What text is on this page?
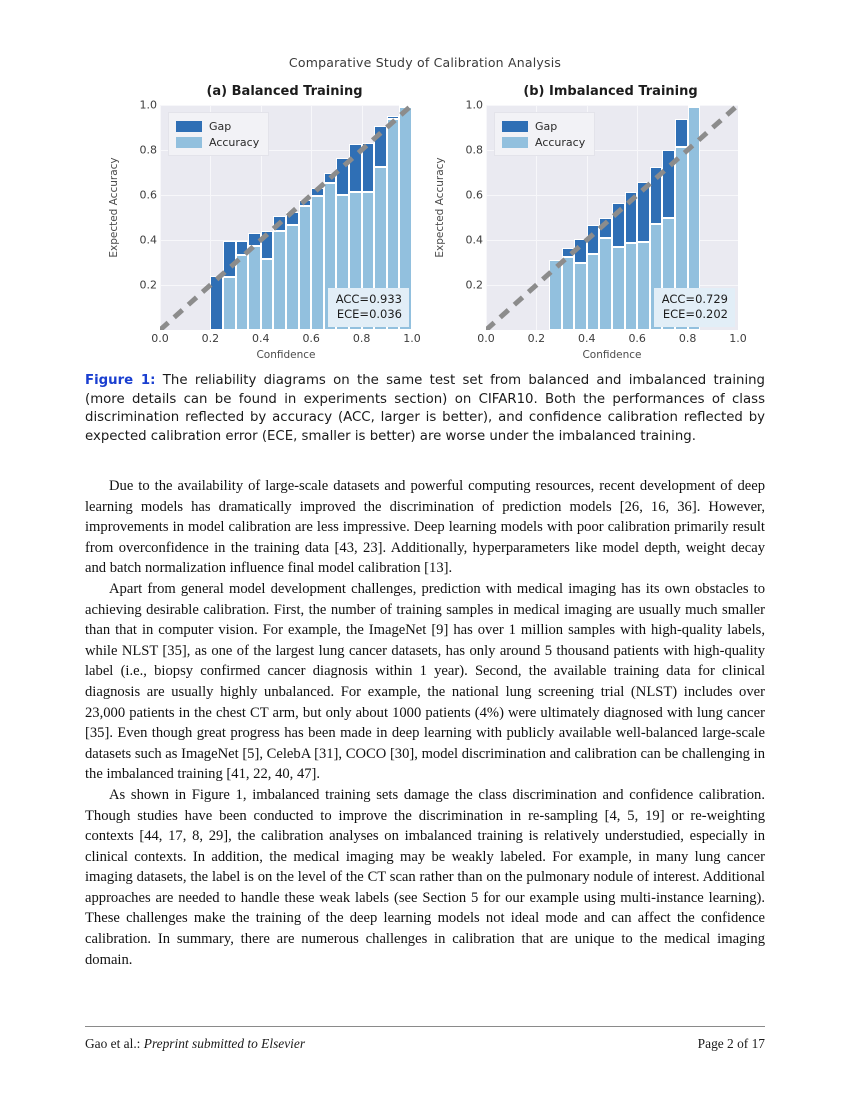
Comparative Study of Calibration Analysis
(a) Balanced Training
Expected Accuracy
0.2
0.4
0.6
0.8
1.0
Gap
Accuracy
ACC=0.933
ECE=0.036
0.0	0.2	0.4	0.6	0.8	1.0
Confidence
(b) Imbalanced Training
Expected Accuracy
0.2
0.4
0.6
0.8
1.0
Gap
Accuracy
ACC=0.729
ECE=0.202
0.0	0.2	0.4	0.6	0.8	1.0
Confidence
Figure 1: The reliability diagrams on the same test set from balanced and imbalanced training (more details can be found in experiments section) on CIFAR10. Both the performances of class discrimination reflected by accuracy (ACC, larger is better), and confidence calibration reflected by expected calibration error (ECE, smaller is better) are worse under the imbalanced training.

Due to the availability of large-scale datasets and powerful computing resources, recent development of deep learning models has dramatically improved the discrimination of prediction models [26, 16, 36]. However, improvements in model calibration are less impressive. Deep learning models with poor calibration primarily result from overconfidence in the training data [43, 23]. Additionally, hyperparameters like model depth, weight decay and batch normalization influence final model calibration [13].

Apart from general model development challenges, prediction with medical imaging has its own obstacles to achieving desirable calibration. First, the number of training samples in medical imaging are usually much smaller than that in computer vision. For example, the ImageNet [9] has over 1 million samples with high-quality labels, while NLST [35], as one of the largest lung cancer datasets, has only around 5 thousand patients with high-quality label (i.e., biopsy confirmed cancer diagnosis within 1 year). Second, the available training data for clinical diagnosis are usually highly unbalanced. For example, the national lung screening trial (NLST) includes over 23,000 patients in the chest CT arm, but only about 1000 patients (4%) were ultimately diagnosed with lung cancer [35]. Even though great progress has been made in deep learning with publicly available well-balanced large-scale datasets such as ImageNet [5], CelebA [31], COCO [30], model discrimination and calibration can be challenging in the imbalanced training [41, 22, 40, 47].

As shown in Figure 1, imbalanced training sets damage the class discrimination and confidence calibration. Though studies have been conducted to improve the discrimination in re-sampling [4, 5, 19] or re-weighting contexts [44, 17, 8, 29], the calibration analyses on imbalanced training is relatively understudied, especially in clinical contexts. In addition, the medical imaging may be weakly labeled. For example, in many lung cancer imaging datasets, the label is on the level of the CT scan rather than on the pulmonary nodule of interest. Additional approaches are needed to handle these weak labels (see Section 5 for our example using multi-instance learning). These challenges make the training of the deep learning models not ideal mode and can affect the confidence calibration. In summary, there are numerous challenges in calibration that are unique to the medical imaging domain.

Gao et al.: Preprint submitted to Elsevier	Page 2 of 17
